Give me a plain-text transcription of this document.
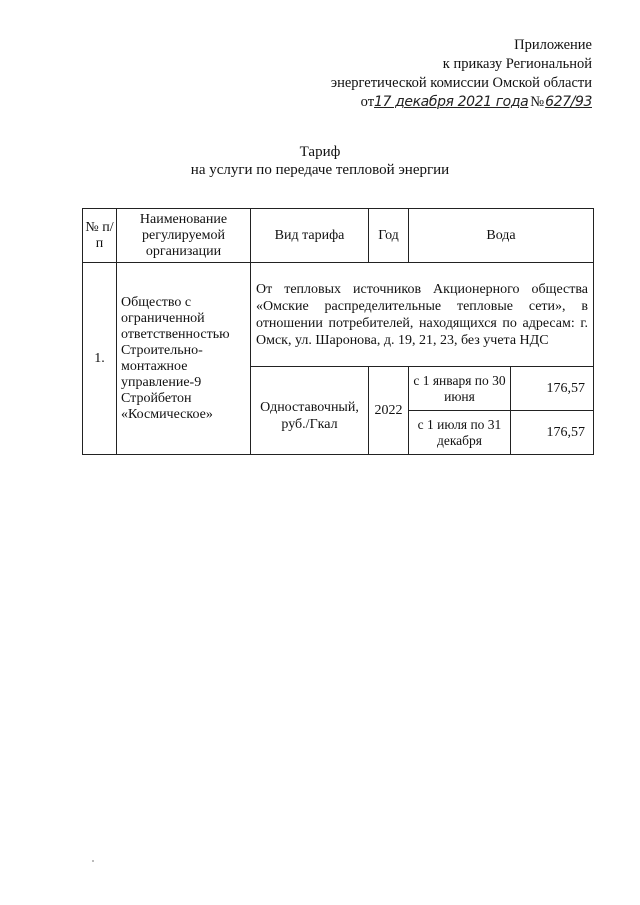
Приложение
к приказу Региональной
энергетической комиссии Омской области
от17 декабря 2021 года №627/93
Тариф
на услуги по передаче тепловой энергии
№ п/п	Наименование регулируемой организации	Вид тарифа	Год	Вода	
1.	Общество с ограниченной ответственностью Строительно-монтажное управление-9 Стройбетон «Космическое»	От тепловых источников Акционерного общества «Омские распределительные тепловые сети», в отношении потребителей, находящихся по адресам: г. Омск, ул. Шаронова, д. 19, 21, 23, без учета НДС			
		Одноставочный, руб./Гкал	2022	с 1 января по 30 июня	176,57
				с 1 июля по 31 декабря	176,57
